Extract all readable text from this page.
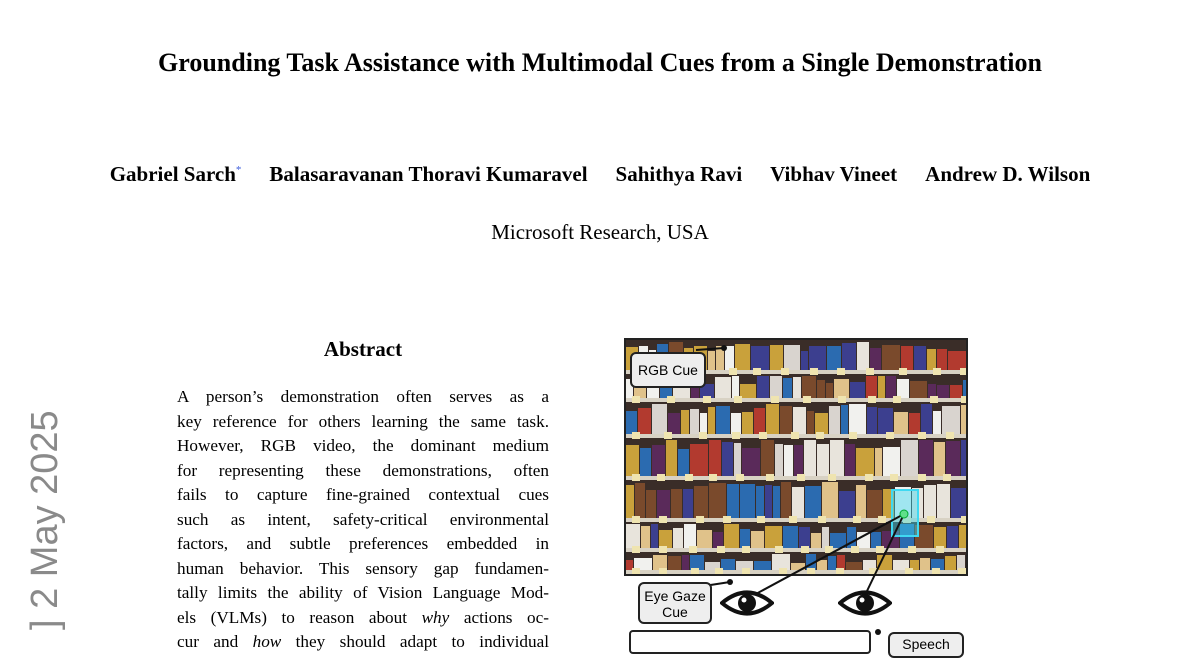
Grounding Task Assistance with Multimodal Cues from a Single Demonstration
Gabriel Sarch* Balasaravanan Thoravi Kumaravel Sahithya Ravi Vibhav Vineet Andrew D. Wilson
Microsoft Research, USA
] 2 May 2025
Abstract
A person’s demonstration often serves as a
key reference for others learning the same task.
However, RGB video, the dominant medium
for representing these demonstrations, often
fails to capture fine-grained contextual cues
such as intent, safety-critical environmental
factors, and subtle preferences embedded in
human behavior. This sensory gap fundamen-
tally limits the ability of Vision Language Mod-
els (VLMs) to reason about why actions oc-
cur and how they should adapt to individual
RGB Cue
Eye Gaze
Cue
Speech
